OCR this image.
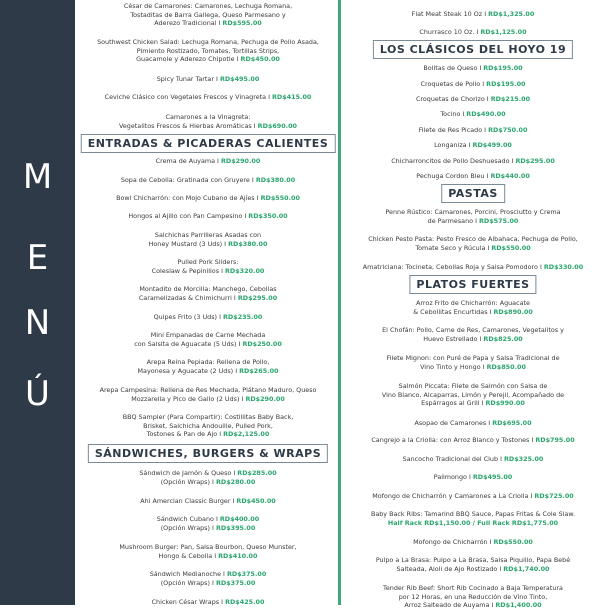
M
E
N
Ú
César de Camarones: Camarones, Lechuga Romana,
Tostaditas de Barra Gallega, Queso Parmesano y
Aderezo Tradicional I RD$595.00
Southwest Chicken Salad: Lechuga Romana, Pechuga de Pollo Asada,
Pimiento Rostizado, Tomates, Tortillas Strips,
Guacamole y Aderezo Chipotle I RD$450.00
Spicy Tunar Tartar I RD$495.00
Ceviche Clásico con Vegetales Frescos y Vinagreta I RD$415.00
Camarones a la Vinagreta:
Vegetalitos Frescos & Hierbas Aromáticas I RD$690.00
ENTRADAS & PICADERAS CALIENTES
Crema de Auyama I RD$290.00
Sopa de Cebolla: Gratinada con Gruyere I RD$380.00
Bowl Chicharrón: con Mojo Cubano de Ajíes I RD$550.00
Hongos al Ajillo con Pan Campesino I RD$350.00
Salchichas Parrilleras Asadas con
Honey Mustard (3 Uds) I RD$380.00
Pulled Pork Sliders:
Coleslaw & Pepinillos I RD$320.00
Montadito de Morcilla: Manchego, Cebollas
Caramelizadas & Chimichurri I RD$295.00
Quipes Frito (3 Uds) I RD$235.00
Mini Empanadas de Carne Mechada
con Salsita de Aguacate (5 Uds) I RD$250.00
Arepa Reina Pepiada: Rellena de Pollo,
Mayonesa y Aguacate (2 Uds) I RD$265.00
Arepa Campesina: Rellena de Res Mechada, Plátano Maduro, Queso
Mozzarella y Pico de Gallo (2 Uds) I RD$290.00
BBQ Sampler (Para Compartir): Costillitas Baby Back,
Brisket, Salchicha Andouille, Pulled Pork,
Tostones & Pan de Ajo I RD$2,125.00
SÁNDWICHES, BURGERS & WRAPS
Sándwich de Jamón & Queso I RD$285.00
(Opción Wraps) I RD$280.00
Ahi Amercian Classic Burger I RD$450.00
Sándwich Cubano I RD$400.00
(Opción Wraps) I RD$395.00
Mushroom Burger: Pan, Salsa Bourbon, Queso Munster,
Hongo & Cebolla I RD$410.00
Sándwich Medianoche I RD$375.00
(Opción Wraps) I RD$375.00
Chicken César Wraps I RD$425.00
Flat Meat Steak 10 Oz I RD$1,325.00
Churrasco 10 Oz. I RD$1,125.00
LOS CLÁSICOS DEL HOYO 19
Bolitas de Queso I RD$195.00
Croquetas de Pollo I RD$195.00
Croquetas de Chorizo I RD$215.00
Tocino I RD$490.00
Filete de Res Picado I RD$750.00
Longaniza I RD$499.00
Chicharroncitos de Pollo Deshuesado I RD$295.00
Pechuga Cordon Bleu I RD$440.00
PASTAS
Penne Rústico: Camarones, Porcini, Prosciutto y Crema
de Parmesano I RD$575.00
Chicken Pesto Pasta: Pesto Fresco de Albahaca, Pechuga de Pollo,
Tomate Seco y Rúcula I RD$550.00
Amatriciana: Tocineta, Cebollas Roja y Salsa Pomodoro I RD$330.00
PLATOS FUERTES
Arroz Frito de Chicharrón: Aguacate
& Cebollitas Encurtidas I RD$890.00
El Chofán: Pollo, Carne de Res, Camarones, Vegetalitos y
Huevo Estrellado I RD$825.00
Filete Mignon: con Puré de Papa y Salsa Tradicional de
Vino Tinto y Hongo I RD$850.00
Salmón Piccata: Filete de Salmón con Salsa de
Vino Blanco, Alcaparras, Limón y Perejil, Acompañado de
Espárragos al Grill I RD$990.00
Asopao de Camarones I RD$695.00
Cangrejo a la Criolla: con Arroz Blanco y Tostones I RD$795.00
Sancocho Tradicional del Club I RD$325.00
Palimongo I RD$495.00
Mofongo de Chicharrón y Camarones a La Criolla I RD$725.00
Baby Back Ribs: Tamarind BBQ Sauce, Papas Fritas & Cole Slaw.
Half Rack RD$1,150.00 / Full Rack RD$1,775.00
Mofongo de Chicharrón I RD$550.00
Pulpo a La Brasa: Pulpo a La Brasa, Salsa Piquillo, Papa Bebé
Salteada, Aioli de Ajo Rostizado I RD$1,740.00
Tender Rib Beef: Short Rib Cocinado a Baja Temperatura
por 12 Horas, en una Reducción de Vino Tinto,
Arroz Salteado de Auyama I RD$1,400.00
